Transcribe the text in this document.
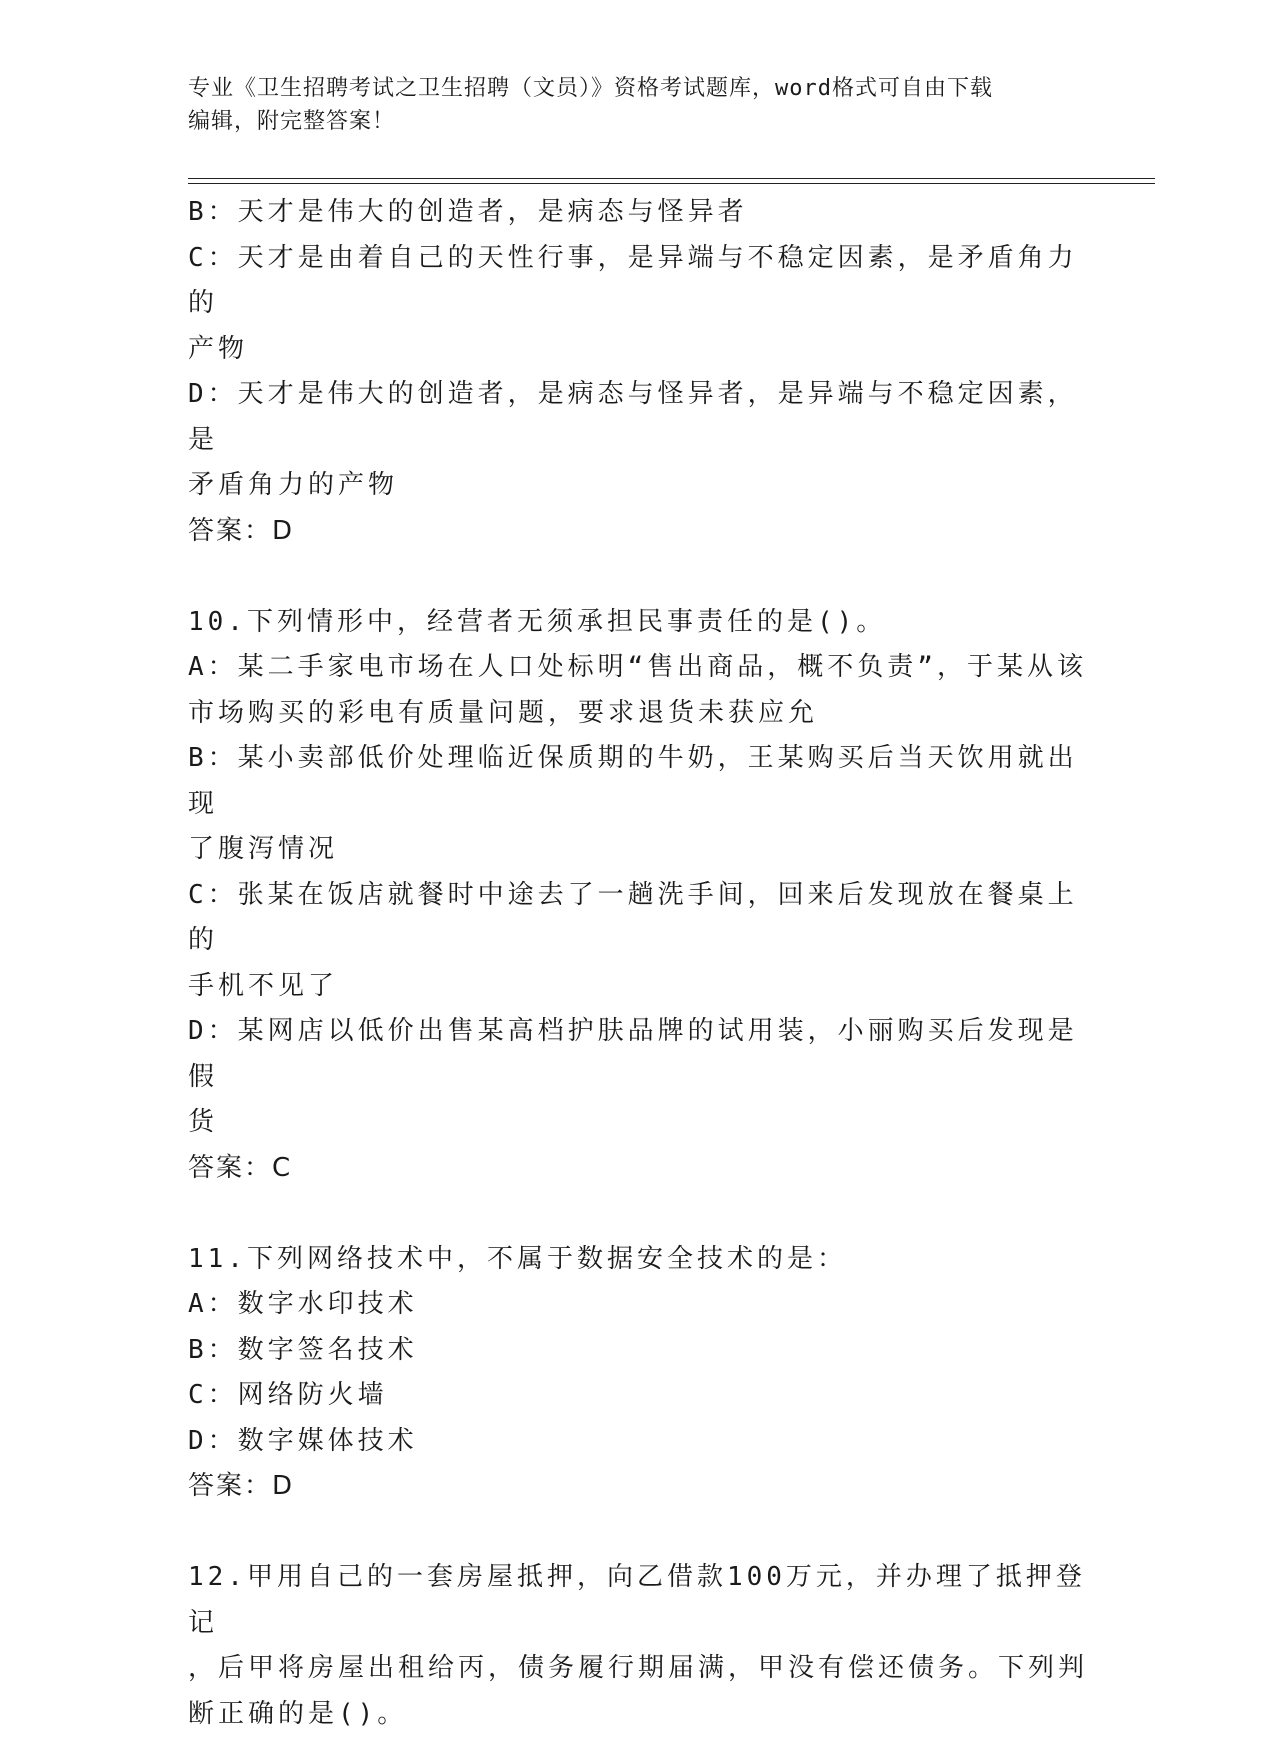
专业《卫生招聘考试之卫生招聘（文员）》资格考试题库，word格式可自由下载
编辑，附完整答案！

B：天才是伟大的创造者，是病态与怪异者

C：天才是由着自己的天性行事，是异端与不稳定因素，是矛盾角力的

产物

D：天才是伟大的创造者，是病态与怪异者，是异端与不稳定因素，是

矛盾角力的产物

答案：D

10.下列情形中，经营者无须承担民事责任的是()。

A：某二手家电市场在人口处标明“售出商品，概不负责”，于某从该

市场购买的彩电有质量问题，要求退货未获应允

B：某小卖部低价处理临近保质期的牛奶，王某购买后当天饮用就出现

了腹泻情况

C：张某在饭店就餐时中途去了一趟洗手间，回来后发现放在餐桌上的

手机不见了

D：某网店以低价出售某高档护肤品牌的试用装，小丽购买后发现是假

货

答案：C

11.下列网络技术中，不属于数据安全技术的是：

A：数字水印技术

B：数字签名技术

C：网络防火墙

D：数字媒体技术

答案：D

12.甲用自己的一套房屋抵押，向乙借款100万元，并办理了抵押登记

，后甲将房屋出租给丙，债务履行期届满，甲没有偿还债务。下列判

断正确的是()。
